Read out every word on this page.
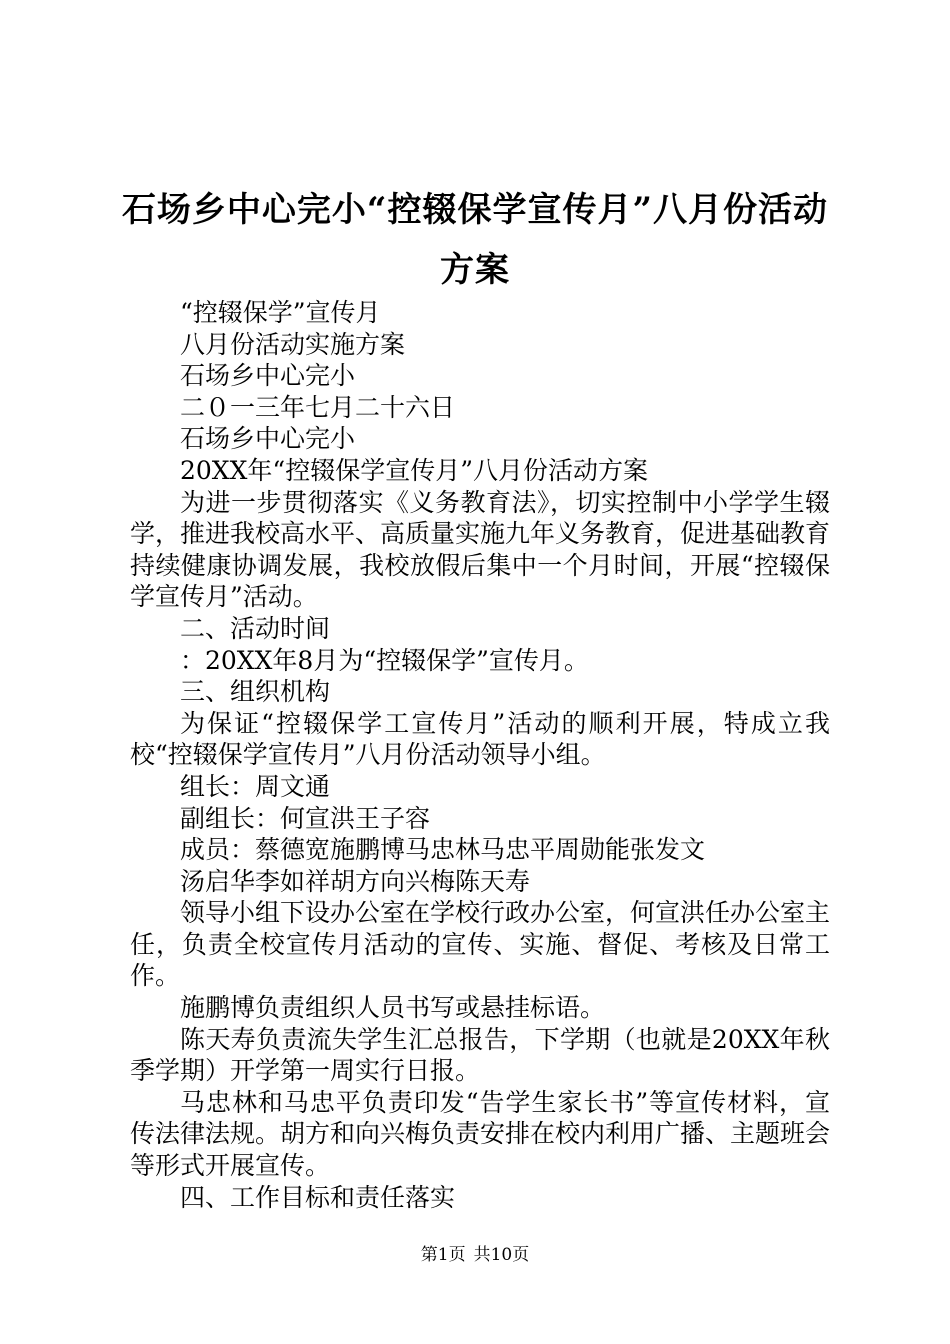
石场乡中心完小“控辍保学宣传月”八月份活动方案

“控辍保学”宣传月

八月份活动实施方案

石场乡中心完小

二０一三年七月二十六日

石场乡中心完小

20XX年“控辍保学宣传月”八月份活动方案

为进一步贯彻落实《义务教育法》，切实控制中小学学生辍学，推进我校高水平、高质量实施九年义务教育，促进基础教育持续健康协调发展，我校放假后集中一个月时间，开展“控辍保学宣传月”活动。

二、活动时间

：20XX年8月为“控辍保学”宣传月。

三、组织机构

为保证“控辍保学工宣传月”活动的顺利开展，特成立我校“控辍保学宣传月”八月份活动领导小组。

组长：周文通

副组长：何宣洪王子容

成员：蔡德宽施鹏博马忠林马忠平周勋能张发文

汤启华李如祥胡方向兴梅陈天寿

领导小组下设办公室在学校行政办公室，何宣洪任办公室主任，负责全校宣传月活动的宣传、实施、督促、考核及日常工作。

施鹏博负责组织人员书写或悬挂标语。

陈天寿负责流失学生汇总报告，下学期（也就是20XX年秋季学期）开学第一周实行日报。

马忠林和马忠平负责印发“告学生家长书”等宣传材料，宣传法律法规。胡方和向兴梅负责安排在校内利用广播、主题班会等形式开展宣传。

四、工作目标和责任落实

第1页 共10页
